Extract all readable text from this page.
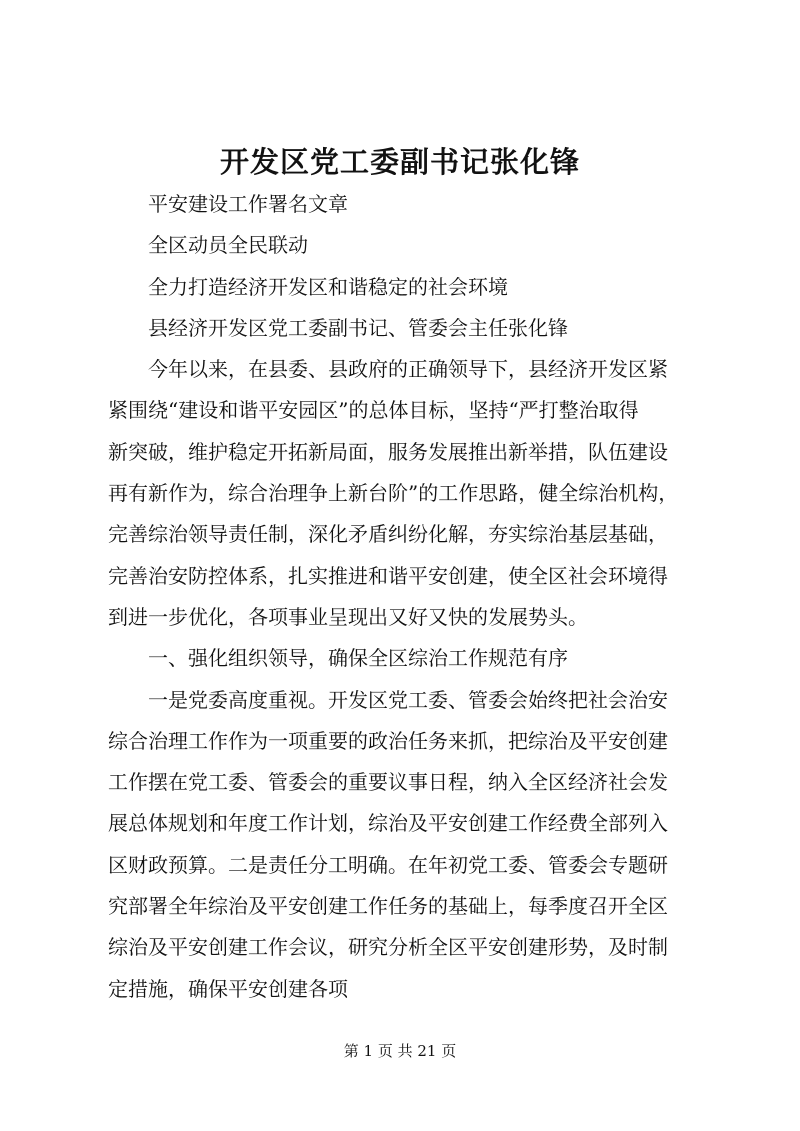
开发区党工委副书记张化锋

平安建设工作署名文章

全区动员全民联动

全力打造经济开发区和谐稳定的社会环境

县经济开发区党工委副书记、管委会主任张化锋

今年以来，在县委、县政府的正确领导下，县经济开发区紧

紧围绕“建设和谐平安园区”的总体目标，坚持“严打整治取得

新突破，维护稳定开拓新局面，服务发展推出新举措，队伍建设

再有新作为，综合治理争上新台阶”的工作思路，健全综治机构，

完善综治领导责任制，深化矛盾纠纷化解，夯实综治基层基础，

完善治安防控体系，扎实推进和谐平安创建，使全区社会环境得

到进一步优化，各项事业呈现出又好又快的发展势头。

一、强化组织领导，确保全区综治工作规范有序

一是党委高度重视。开发区党工委、管委会始终把社会治安

综合治理工作作为一项重要的政治任务来抓，把综治及平安创建

工作摆在党工委、管委会的重要议事日程，纳入全区经济社会发

展总体规划和年度工作计划，综治及平安创建工作经费全部列入

区财政预算。二是责任分工明确。在年初党工委、管委会专题研

究部署全年综治及平安创建工作任务的基础上，每季度召开全区

综治及平安创建工作会议，研究分析全区平安创建形势，及时制

定措施，确保平安创建各项

第 1 页 共 21 页
